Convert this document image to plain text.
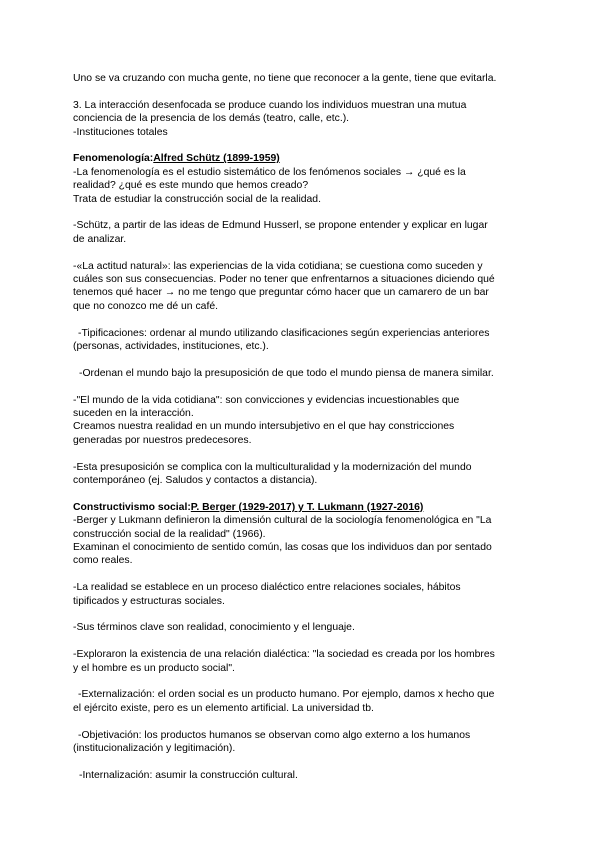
Uno se va cruzando con mucha gente, no tiene que reconocer a la gente, tiene que evitarla.

3. La interacción desenfocada se produce cuando los individuos muestran una mutua
conciencia de la presencia de los demás (teatro, calle, etc.).
-Instituciones totales

Fenomenología:Alfred Schütz (1899-1959)
-La fenomenología es el estudio sistemático de los fenómenos sociales → ¿qué es la
realidad? ¿qué es este mundo que hemos creado?
Trata de estudiar la construcción social de la realidad.

-Schütz, a partir de las ideas de Edmund Husserl, se propone entender y explicar en lugar
de analizar.

-«La actitud natural»: las experiencias de la vida cotidiana; se cuestiona como suceden y
cuáles son sus consecuencias. Poder no tener que enfrentarnos a situaciones diciendo qué
tenemos qué hacer → no me tengo que preguntar cómo hacer que un camarero de un bar
que no conozco me dé un café.

-Tipificaciones: ordenar al mundo utilizando clasificaciones según experiencias anteriores
(personas, actividades, instituciones, etc.).

-Ordenan el mundo bajo la presuposición de que todo el mundo piensa de manera similar.

-"El mundo de la vida cotidiana": son convicciones y evidencias incuestionables que
suceden en la interacción.
Creamos nuestra realidad en un mundo intersubjetivo en el que hay constricciones
generadas por nuestros predecesores.

-Esta presuposición se complica con la multiculturalidad y la modernización del mundo
contemporáneo (ej. Saludos y contactos a distancia).

Constructivismo social:P. Berger (1929-2017) y T. Lukmann (1927-2016)
-Berger y Lukmann definieron la dimensión cultural de la sociología fenomenológica en "La
construcción social de la realidad" (1966).
Examinan el conocimiento de sentido común, las cosas que los individuos dan por sentado
como reales.

-La realidad se establece en un proceso dialéctico entre relaciones sociales, hábitos
tipificados y estructuras sociales.

-Sus términos clave son realidad, conocimiento y el lenguaje.

-Exploraron la existencia de una relación dialéctica: "la sociedad es creada por los hombres
y el hombre es un producto social".

-Externalización: el orden social es un producto humano. Por ejemplo, damos x hecho que
el ejército existe, pero es un elemento artificial. La universidad tb.

-Objetivación: los productos humanos se observan como algo externo a los humanos
(institucionalización y legitimación).

-Internalización: asumir la construcción cultural.
